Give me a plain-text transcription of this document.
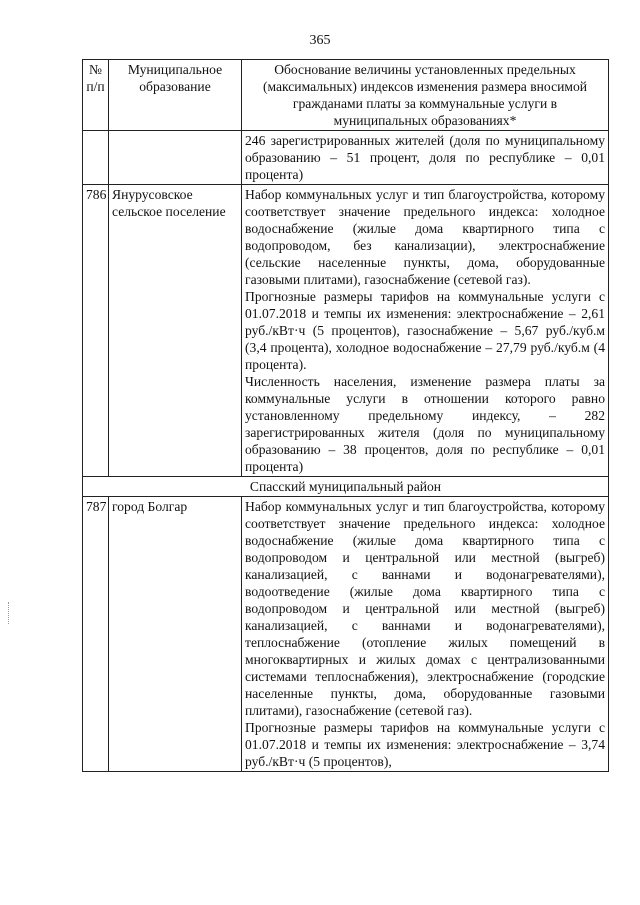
365
№ п/п	Муниципальное образование	Обоснование величины установленных предельных (максимальных) индексов изменения размера вносимой гражданами платы за коммунальные услуги в муниципальных образованиях*
		246 зарегистрированных жителей (доля по муниципальному образованию – 51 процент, доля по республике – 0,01 процента)
786	Янурусовское сельское поселение	Набор коммунальных услуг и тип благоустройства, которому соответствует значение предельного индекса: холодное водоснабжение (жилые дома квартирного типа с водопроводом, без канализации), электроснабжение (сельские населенные пункты, дома, оборудованные газовыми плитами), газоснабжение (сетевой газ).

Прогнозные размеры тарифов на коммунальные услуги с 01.07.2018 и темпы их изменения: электроснабжение – 2,61 руб./кВт·ч (5 процентов), газоснабжение – 5,67 руб./куб.м (3,4 процента), холодное водоснабжение – 27,79 руб./куб.м (4 процента).

Численность населения, изменение размера платы за коммунальные услуги в отношении которого равно установленному предельному индексу, – 282 зарегистрированных жителя (доля по муниципальному образованию – 38 процентов, доля по республике – 0,01 процента)

Спасский муниципальный район		
787	город Болгар	Набор коммунальных услуг и тип благоустройства, которому соответствует значение предельного индекса: холодное водоснабжение (жилые дома квартирного типа с водопроводом и центральной или местной (выгреб) канализацией, с ваннами и водонагревателями), водоотведение (жилые дома квартирного типа с водопроводом и центральной или местной (выгреб) канализацией, с ваннами и водонагревателями), теплоснабжение (отопление жилых помещений в многоквартирных и жилых домах с централизованными системами теплоснабжения), электроснабжение (городские населенные пункты, дома, оборудованные газовыми плитами), газоснабжение (сетевой газ).

Прогнозные размеры тарифов на коммунальные услуги с 01.07.2018 и темпы их изменения: электроснабжение – 3,74 руб./кВт·ч (5 процентов),
